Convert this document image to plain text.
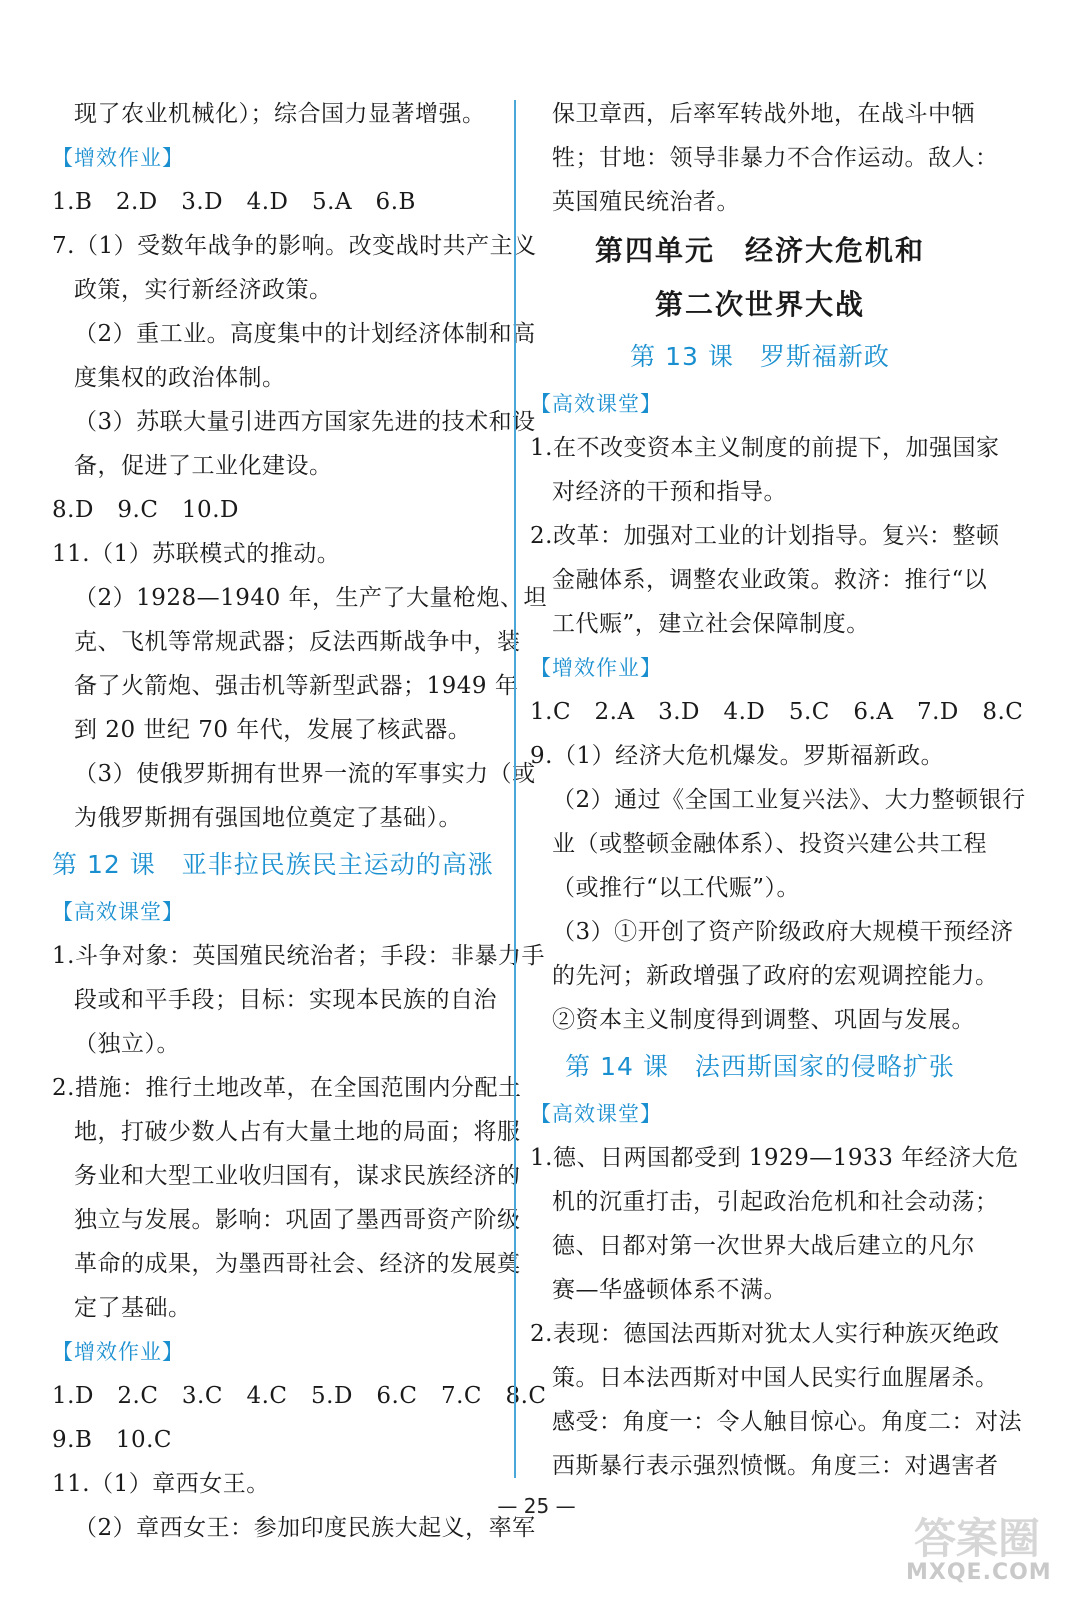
现了农业机械化）；综合国力显著增强。
【增效作业】
1.B　2.D　3.D　4.D　5.A　6.B
7.（1）受数年战争的影响。改变战时共产主义
政策，实行新经济政策。
（2）重工业。高度集中的计划经济体制和高
度集权的政治体制。
（3）苏联大量引进西方国家先进的技术和设
备，促进了工业化建设。
8.D　9.C　10.D
11.（1）苏联模式的推动。
（2）1928—1940 年，生产了大量枪炮、坦
克、飞机等常规武器；反法西斯战争中，装
备了火箭炮、强击机等新型武器；1949 年
到 20 世纪 70 年代，发展了核武器。
（3）使俄罗斯拥有世界一流的军事实力（或
为俄罗斯拥有强国地位奠定了基础）。
第 12 课　亚非拉民族民主运动的高涨
【高效课堂】
1.斗争对象：英国殖民统治者；手段：非暴力手
段或和平手段；目标：实现本民族的自治
（独立）。
2.措施：推行土地改革，在全国范围内分配土
地，打破少数人占有大量土地的局面；将服
务业和大型工业收归国有，谋求民族经济的
独立与发展。影响：巩固了墨西哥资产阶级
革命的成果，为墨西哥社会、经济的发展奠
定了基础。
【增效作业】
1.D　2.C　3.C　4.C　5.D　6.C　7.C　8.C
9.B　10.C
11.（1）章西女王。
（2）章西女王：参加印度民族大起义，率军
保卫章西，后率军转战外地，在战斗中牺
牲；甘地：领导非暴力不合作运动。敌人：
英国殖民统治者。
第四单元　经济大危机和
第二次世界大战
第 13 课　罗斯福新政
【高效课堂】
1.在不改变资本主义制度的前提下，加强国家
对经济的干预和指导。
2.改革：加强对工业的计划指导。复兴：整顿
金融体系，调整农业政策。救济：推行“以
工代赈”，建立社会保障制度。
【增效作业】
1.C　2.A　3.D　4.D　5.C　6.A　7.D　8.C
9.（1）经济大危机爆发。罗斯福新政。
（2）通过《全国工业复兴法》、大力整顿银行
业（或整顿金融体系）、投资兴建公共工程
（或推行“以工代赈”）。
（3）①开创了资产阶级政府大规模干预经济
的先河；新政增强了政府的宏观调控能力。
②资本主义制度得到调整、巩固与发展。
第 14 课　法西斯国家的侵略扩张
【高效课堂】
1.德、日两国都受到 1929—1933 年经济大危
机的沉重打击，引起政治危机和社会动荡；
德、日都对第一次世界大战后建立的凡尔
赛—华盛顿体系不满。
2.表现：德国法西斯对犹太人实行种族灭绝政
策。日本法西斯对中国人民实行血腥屠杀。
感受：角度一：令人触目惊心。角度二：对法
西斯暴行表示强烈愤慨。角度三：对遇害者
— 25 —
答案圈
MXQE.COM
